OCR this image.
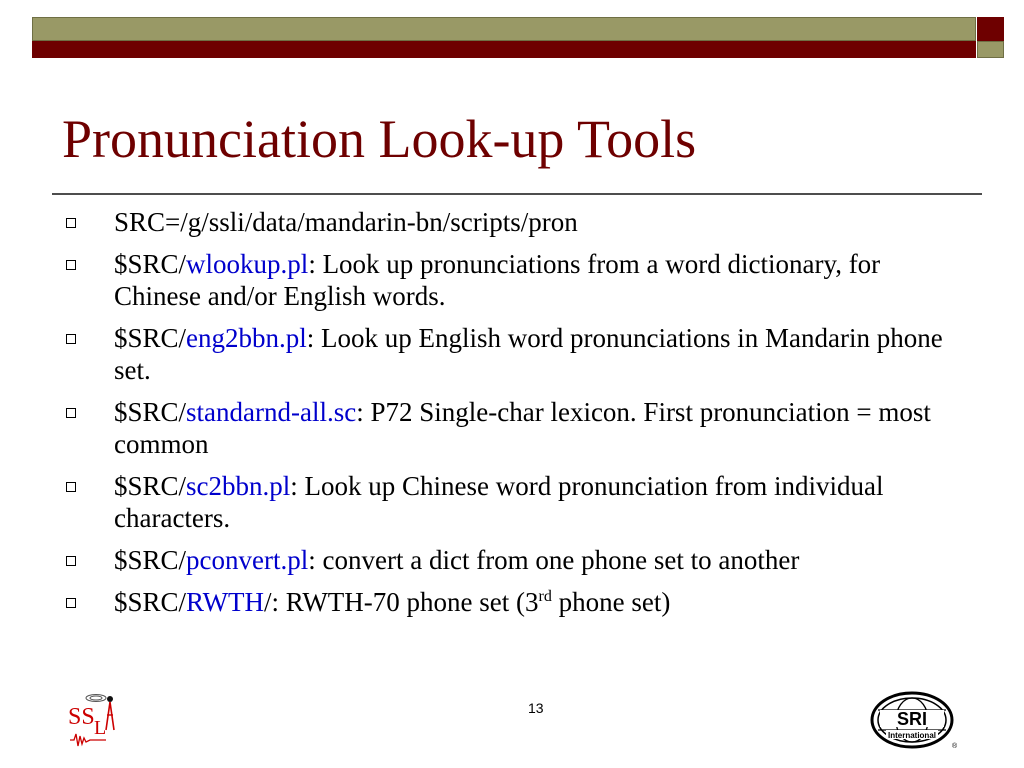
Pronunciation Look-up Tools
SRC=/g/ssli/data/mandarin-bn/scripts/pron
$SRC/wlookup.pl: Look up pronunciations from a word dictionary, for Chinese and/or English words.
$SRC/eng2bbn.pl: Look up English word pronunciations in Mandarin phone set.
$SRC/standarnd-all.sc: P72 Single-char lexicon. First pronunciation = most common
$SRC/sc2bbn.pl: Look up Chinese word pronunciation from individual characters.
$SRC/pconvert.pl: convert a dict from one phone set to another
$SRC/RWTH/: RWTH-70 phone set (3rd phone set)
13
SS L	SRI
International
®
